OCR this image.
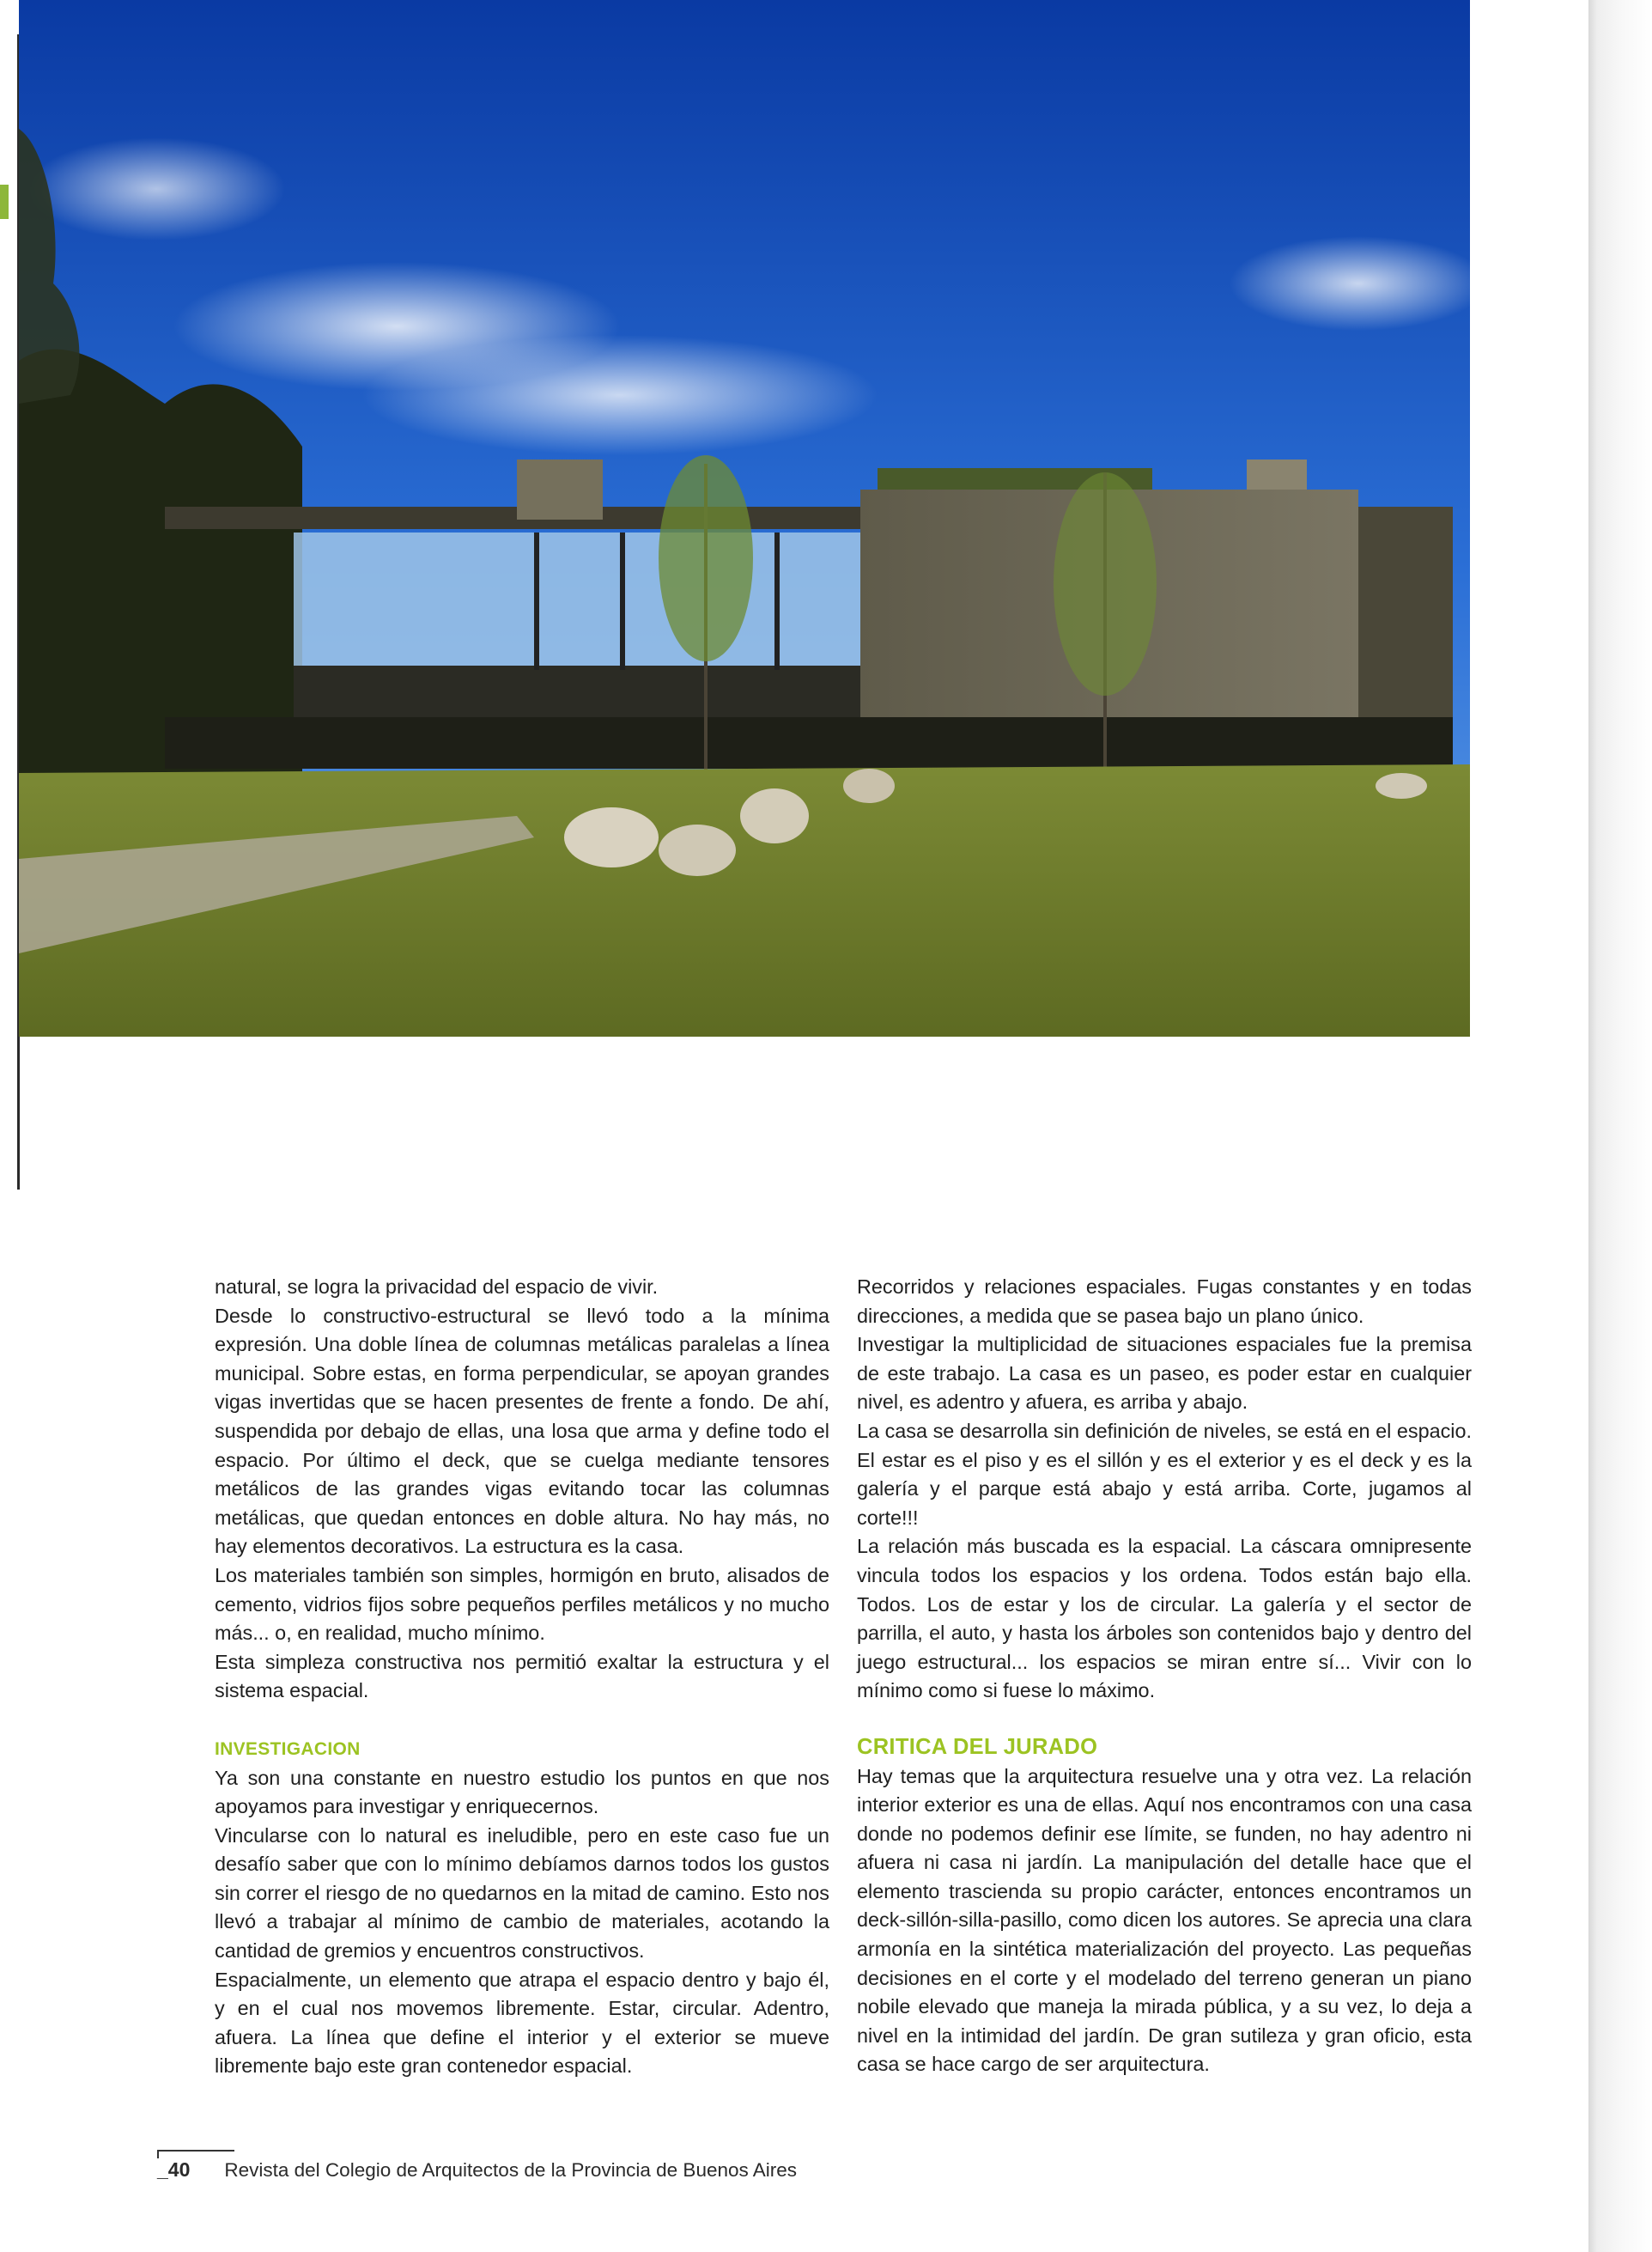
natural, se logra la privacidad del espacio de vivir.

Desde lo constructivo-estructural se llevó todo a la mínima expresión. Una doble línea de columnas metálicas paralelas a línea municipal. Sobre estas, en forma perpendicular, se apoyan grandes vigas invertidas que se hacen presentes de frente a fondo. De ahí, suspendida por debajo de ellas, una losa que arma y define todo el espacio. Por último el deck, que se cuelga mediante tensores metálicos de las grandes vigas evitando tocar las columnas metálicas, que quedan entonces en doble altura. No hay más, no hay elementos decorativos. La estructura es la casa.

Los materiales también son simples, hormigón en bruto, alisados de cemento, vidrios fijos sobre pequeños perfiles metálicos y no mucho más... o, en realidad, mucho mínimo.

Esta simpleza constructiva nos permitió exaltar la estructura y el sistema espacial.

INVESTIGACION

Ya son una constante en nuestro estudio los puntos en que nos apoyamos para investigar y enriquecernos.

Vincularse con lo natural es ineludible, pero en este caso fue un desafío saber que con lo mínimo debíamos darnos todos los gustos sin correr el riesgo de no quedarnos en la mitad de camino. Esto nos llevó a trabajar al mínimo de cambio de materiales, acotando la cantidad de gremios y encuentros constructivos.

Espacialmente, un elemento que atrapa el espacio dentro y bajo él, y en el cual nos movemos libremente. Estar, circular. Adentro, afuera. La línea que define el interior y el exterior se mueve libremente bajo este gran contenedor espacial.

Recorridos y relaciones espaciales. Fugas constantes y en todas direcciones, a medida que se pasea bajo un plano único.

Investigar la multiplicidad de situaciones espaciales fue la premisa de este trabajo. La casa es un paseo, es poder estar en cualquier nivel, es adentro y afuera, es arriba y abajo.

La casa se desarrolla sin definición de niveles, se está en el espacio. El estar es el piso y es el sillón y es el exterior y es el deck y es la galería y el parque está abajo y está arriba. Corte, jugamos al corte!!!

La relación más buscada es la espacial. La cáscara omnipresente vincula todos los espacios y los ordena. Todos están bajo ella. Todos. Los de estar y los de circular. La galería y el sector de parrilla, el auto, y hasta los árboles son contenidos bajo y dentro del juego estructural... los espacios se miran entre sí... Vivir con lo mínimo como si fuese lo máximo.

CRITICA DEL JURADO

Hay temas que la arquitectura resuelve una y otra vez. La relación interior exterior es una de ellas. Aquí nos encontramos con una casa donde no podemos definir ese límite, se funden, no hay adentro ni afuera ni casa ni jardín. La manipulación del detalle hace que el elemento trascienda su propio carácter, entonces encontramos un deck-sillón-silla-pasillo, como dicen los autores. Se aprecia una clara armonía en la sintética materialización del proyecto. Las pequeñas decisiones en el corte y el modelado del terreno generan un piano nobile elevado que maneja la mirada pública, y a su vez, lo deja a nivel en la intimidad del jardín. De gran sutileza y gran oficio, esta casa se hace cargo de ser arquitectura.

_40 Revista del Colegio de Arquitectos de la Provincia de Buenos Aires
